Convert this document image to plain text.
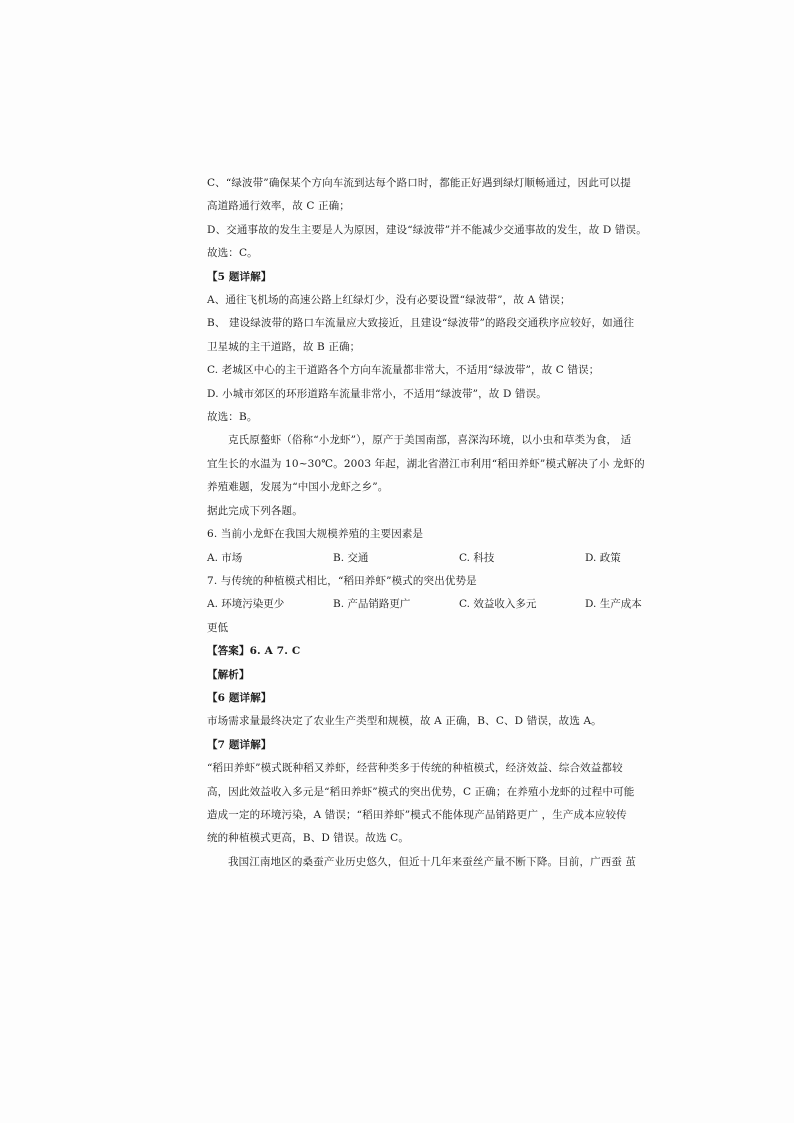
C、“绿波带”确保某个方向车流到达每个路口时，都能正好遇到绿灯顺畅通过，因此可以提
高道路通行效率，故 C 正确；
D、交通事故的发生主要是人为原因，建设“绿波带”并不能减少交通事故的发生，故 D 错误。
故选：C。
【5 题详解】
A、通往飞机场的高速公路上红绿灯少，没有必要设置“绿波带”，故 A 错误；
B、 建设绿波带的路口车流量应大致接近，且建设“绿波带”的路段交通秩序应较好，如通往
卫星城的主干道路，故 B 正确；
C. 老城区中心的主干道路各个方向车流量都非常大，不适用“绿波带”，故 C 错误；
D. 小城市郊区的环形道路车流量非常小，不适用“绿波带”，故 D 错误。
故选：B。
克氏原螯虾（俗称“小龙虾”），原产于美国南部，喜深沟环境，以小虫和草类为食， 适
宜生长的水温为 10~30℃。2003 年起，湖北省潜江市利用“稻田养虾”模式解决了小 龙虾的
养殖难题，发展为“中国小龙虾之乡”。
据此完成下列各题。
6. 当前小龙虾在我国大规模养殖的主要因素是
A. 市场	B. 交通	C. 科技	D. 政策
7. 与传统的种植模式相比，“稻田养虾”模式的突出优势是
A. 环境污染更少	B. 产品销路更广	C. 效益收入多元	D. 生产成本
更低
【答案】6. A 7. C
【解析】
【6 题详解】
市场需求量最终决定了农业生产类型和规模，故 A 正确，B、C、D 错误，故选 A。
【7 题详解】
“稻田养虾”模式既种稻又养虾，经营种类多于传统的种植模式，经济效益、综合效益都较
高，因此效益收入多元是“稻田养虾”模式的突出优势，C 正确；在养殖小龙虾的过程中可能
造成一定的环境污染，A 错误；“稻田养虾”模式不能体现产品销路更广 ，生产成本应较传
统的种植模式更高，B、D 错误。故选 C。
我国江南地区的桑蚕产业历史悠久，但近十几年来蚕丝产量不断下降。目前，广西蚕 茧
